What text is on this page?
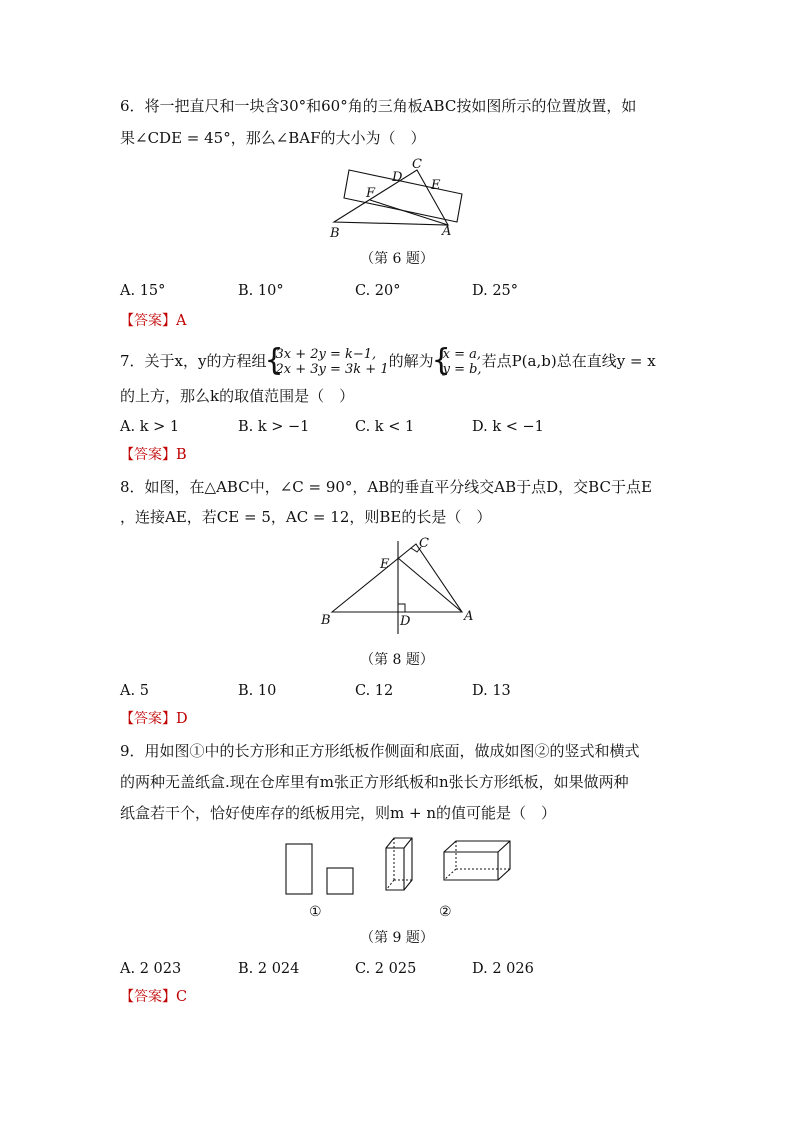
6．将一把直尺和一块含30°和60°角的三角板ABC按如图所示的位置放置，如
果∠CDE = 45°，那么∠BAF的大小为（　）
C
D
E
F
B	A
（第 6 题）
A. 15°	B. 10°	C. 20°	D. 25°
【答案】A
7．关于x，y的方程组 { 3x + 2y = k−1,
2x + 3y = 3k + 1 的解为 { x = a,
y = b, 若点P(a,b)总在直线y = x
的上方，那么k的取值范围是（　）
A. k > 1	B. k > −1	C. k < 1	D. k < −1
【答案】B
8．如图，在△ABC中，∠C = 90°，AB的垂直平分线交AB于点D，交BC于点E
，连接AE，若CE = 5，AC = 12，则BE的长是（　）
C
E
B	D	A
（第 8 题）
A. 5	B. 10	C. 12	D. 13
【答案】D
9．用如图①中的长方形和正方形纸板作侧面和底面，做成如图②的竖式和横式
的两种无盖纸盒.现在仓库里有m张正方形纸板和n张长方形纸板，如果做两种
纸盒若干个，恰好使库存的纸板用完，则m + n的值可能是（　）
①	②
（第 9 题）
A. 2 023	B. 2 024	C. 2 025	D. 2 026
【答案】C
